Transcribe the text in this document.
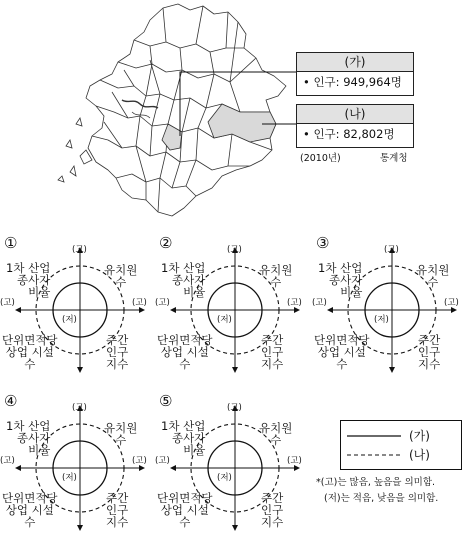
(가)
• 인구: 949,964명
(나)
• 인구: 82,802명
(2010년)	통계청
①
1차 산업
종사자
비율
유치원
수
단위면적당
상업 시설
수
주간
인구
지수
(고)
(고)	(고)
(저)
②
1차 산업
종사자
비율
유치원
수
단위면적당
상업 시설
수
주간
인구
지수
(고)
(고)	(고)
(저)
③
1차 산업
종사자
비율
유치원
수
단위면적당
상업 시설
수
주간
인구
지수
(고)
(고)	(고)
(저)
④
1차 산업
종사자
비율
유치원
수
단위면적당
상업 시설
수
주간
인구
지수
(고)
(고)	(고)
(저)
⑤
1차 산업
종사자
비율
유치원
수
단위면적당
상업 시설
수
주간
인구
지수
(고)
(고)	(고)
(저)
(가)
(나)
*(고)는 많음, 높음을 의미함.
(저)는 적음, 낮음을 의미함.
